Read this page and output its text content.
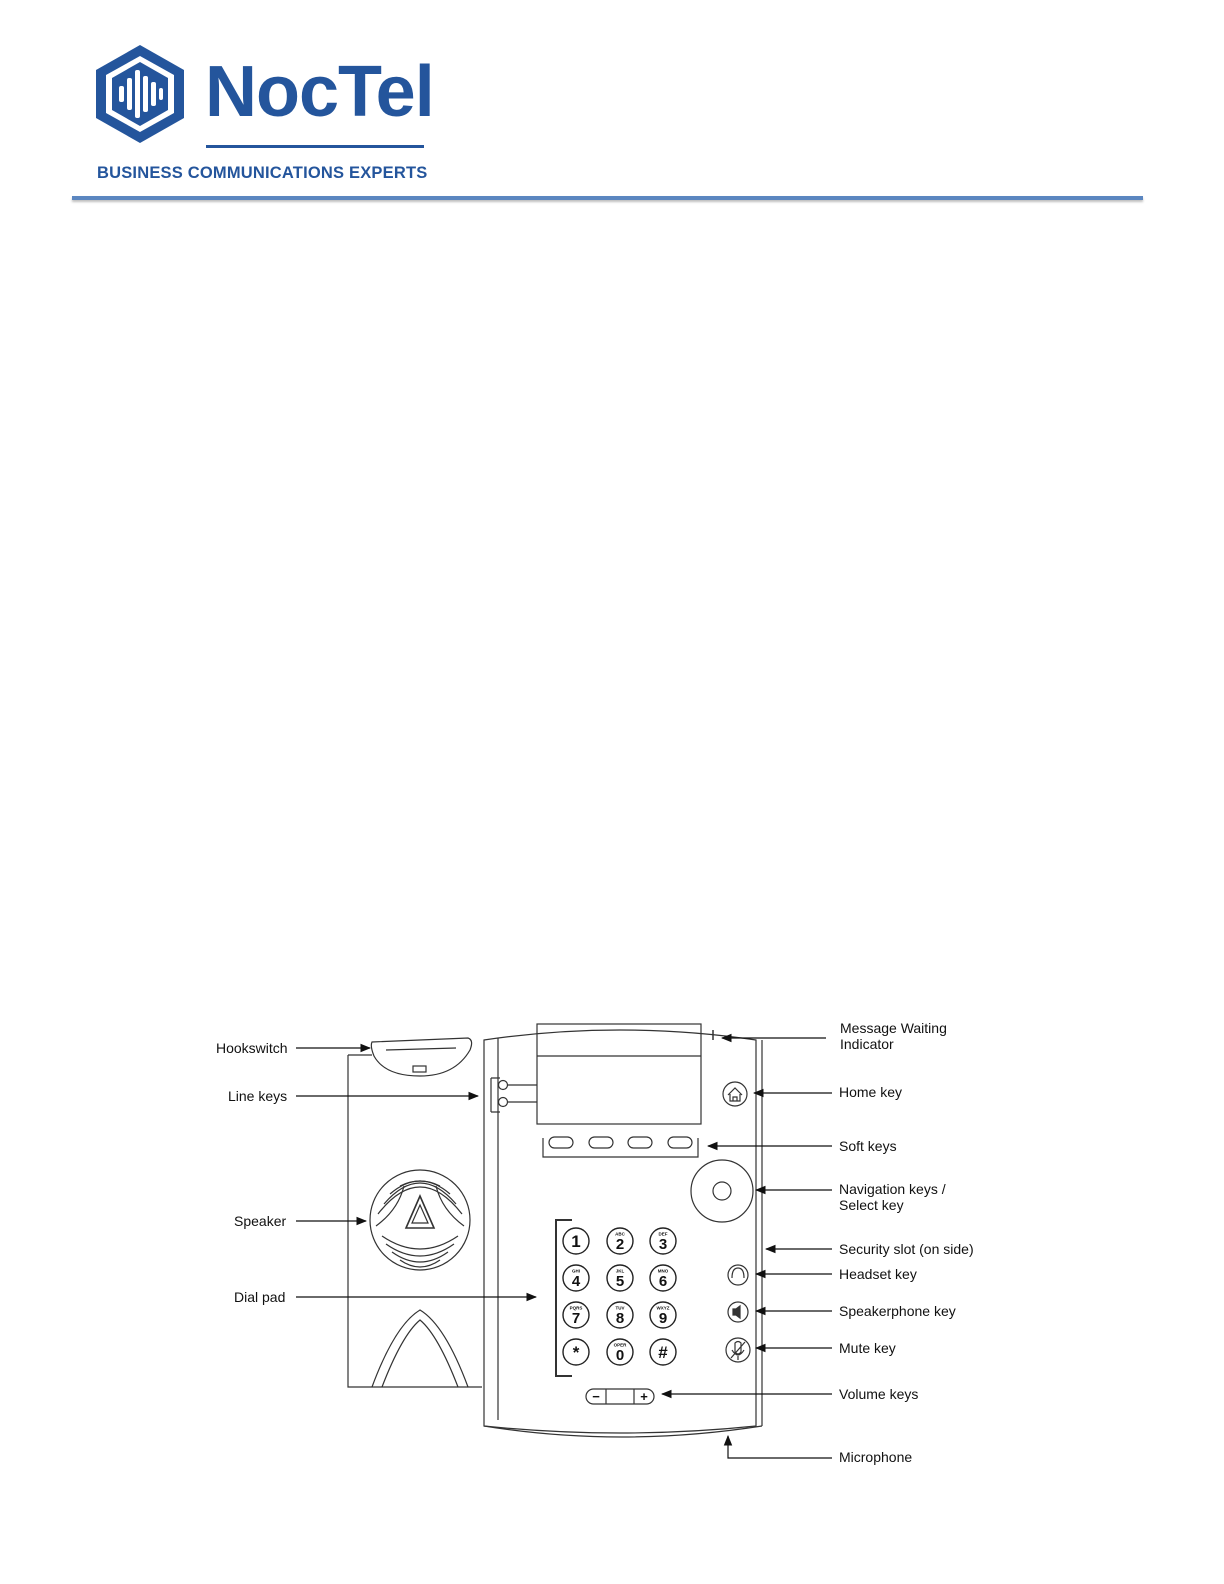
NocTel
BUSINESS COMMUNICATIONS EXPERTS
−	+
1	ABC
2
DEF
3
GHI
4
JKL
5
MNO
6
PQRS
7
TUV
8
WXYZ
9
*	OPER
0 #
Hookswitch
Line keys
Speaker
Dial pad
Message Waiting
Indicator
Home key
Soft keys
Navigation keys /
Select key
Security slot (on side)
Headset key
Speakerphone key
Mute key
Volume keys
Microphone
